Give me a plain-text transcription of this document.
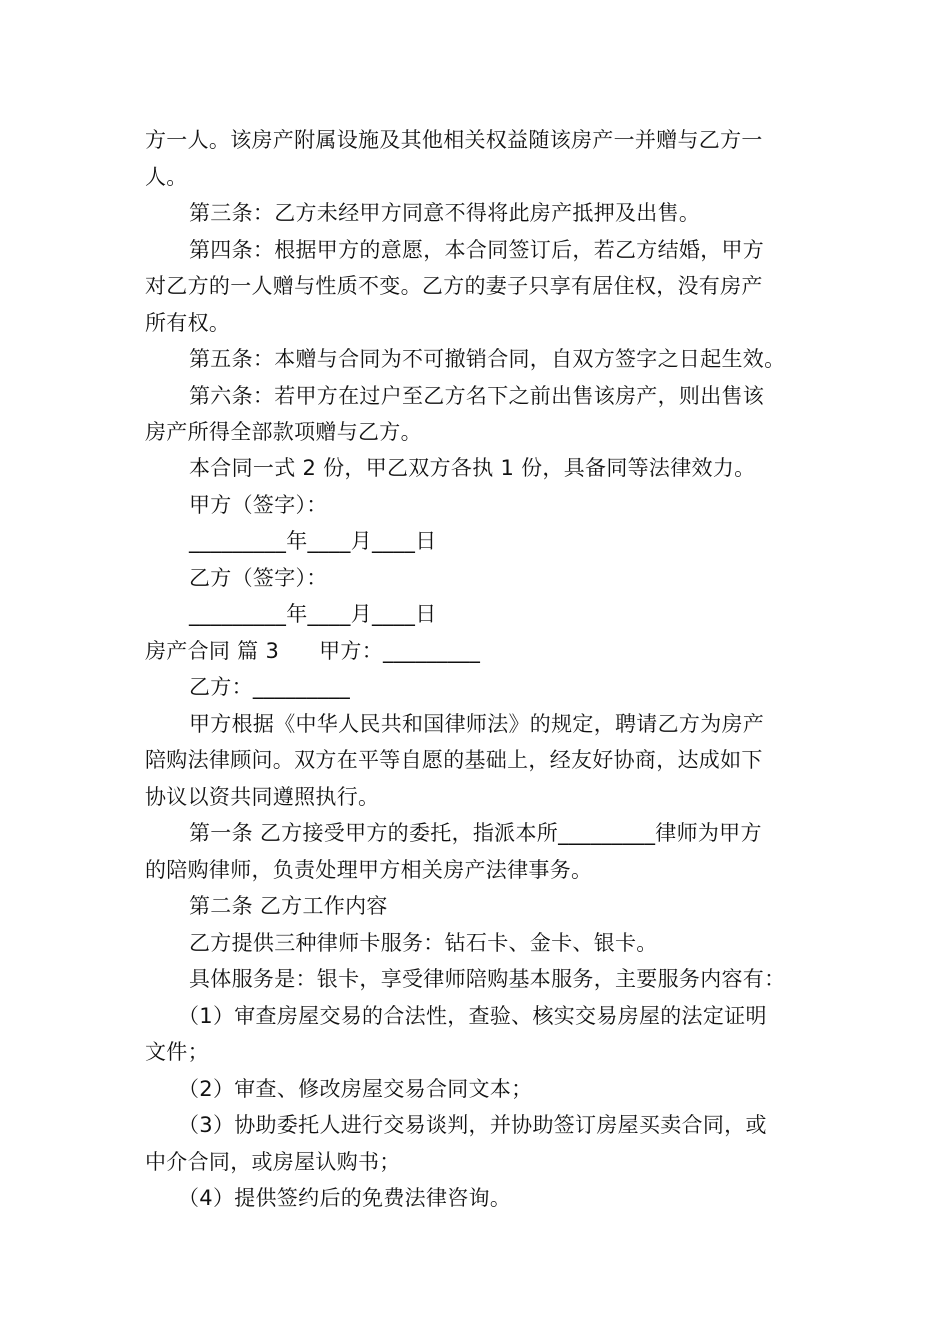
方一人。该房产附属设施及其他相关权益随该房产一并赠与乙方一
人。
第三条：乙方未经甲方同意不得将此房产抵押及出售。
第四条：根据甲方的意愿，本合同签订后，若乙方结婚，甲方
对乙方的一人赠与性质不变。乙方的妻子只享有居住权，没有房产
所有权。
第五条：本赠与合同为不可撤销合同，自双方签字之日起生效。
第六条：若甲方在过户至乙方名下之前出售该房产，则出售该
房产所得全部款项赠与乙方。
本合同一式 2 份，甲乙双方各执 1 份，具备同等法律效力。
甲方（签字）：
_________年____月____日
乙方（签字）：
_________年____月____日
房产合同 篇 3 甲方：_________
乙方：_________
甲方根据《中华人民共和国律师法》的规定，聘请乙方为房产
陪购法律顾问。双方在平等自愿的基础上，经友好协商，达成如下
协议以资共同遵照执行。
第一条 乙方接受甲方的委托，指派本所_________律师为甲方
的陪购律师，负责处理甲方相关房产法律事务。
第二条 乙方工作内容
乙方提供三种律师卡服务：钻石卡、金卡、银卡。
具体服务是：银卡，享受律师陪购基本服务，主要服务内容有：
（1）审查房屋交易的合法性，查验、核实交易房屋的法定证明
文件；
（2）审查、修改房屋交易合同文本；
（3）协助委托人进行交易谈判，并协助签订房屋买卖合同，或
中介合同，或房屋认购书；
（4）提供签约后的免费法律咨询。
